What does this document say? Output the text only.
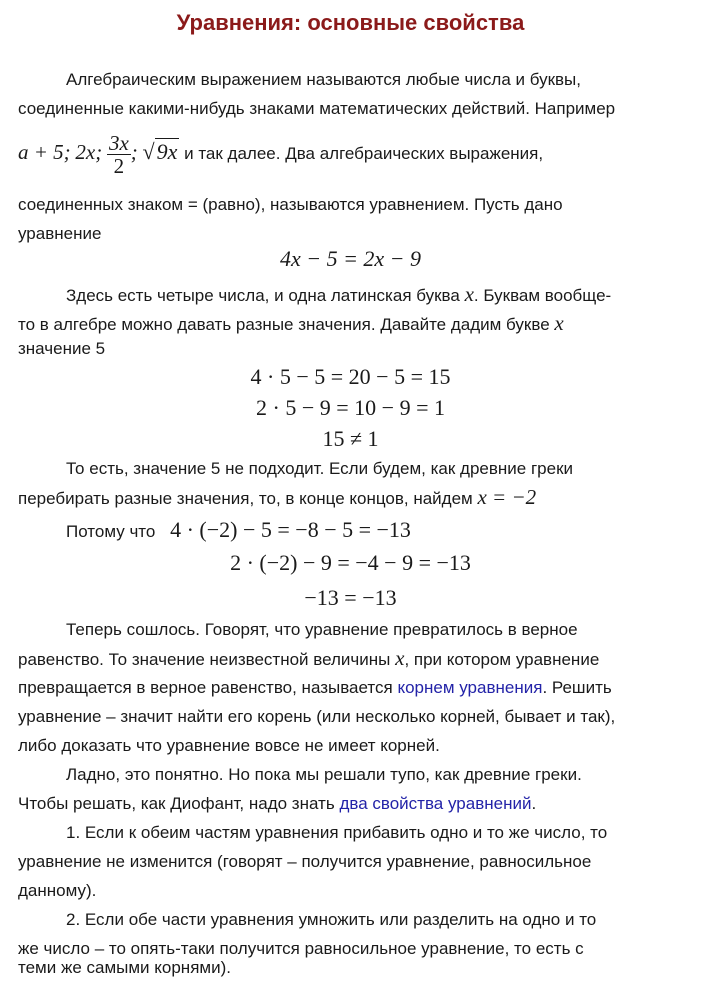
Уравнения: основные свойства

Алгебраическим выражением называются любые числа и буквы,

соединенные какими-нибудь знаками математических действий. Например

a + 5; 2x; $\frac{3x}{2}$ ; √9x и так далее. Два алгебраических выражения,

соединенных знаком = (равно), называются уравнением. Пусть дано

уравнение

4x − 5 = 2x − 9

Здесь есть четыре числа, и одна латинская буква x. Буквам вообще-

то в алгебре можно давать разные значения. Давайте дадим букве x

значение 5

4 · 5 − 5 = 20 − 5 = 15
2 · 5 − 9 = 10 − 9 = 1
15 ≠ 1

То есть, значение 5 не подходит. Если будем, как древние греки

перебирать разные значения, то, в конце концов, найдем x = −2

Потому что 4 · (−2) − 5 = −8 − 5 = −13
2 · (−2) − 9 = −4 − 9 = −13
−13 = −13

Теперь сошлось. Говорят, что уравнение превратилось в верное

равенство. То значение неизвестной величины x, при котором уравнение

превращается в верное равенство, называется корнем уравнения. Решить

уравнение – значит найти его корень (или несколько корней, бывает и так),

либо доказать что уравнение вовсе не имеет корней.

Ладно, это понятно. Но пока мы решали тупо, как древние греки.

Чтобы решать, как Диофант, надо знать два свойства уравнений.

1. Если к обеим частям уравнения прибавить одно и то же число, то

уравнение не изменится (говорят – получится уравнение, равносильное

данному).

2. Если обе части уравнения умножить или разделить на одно и то

же число – то опять-таки получится равносильное уравнение, то есть с

теми же самыми корнями).
